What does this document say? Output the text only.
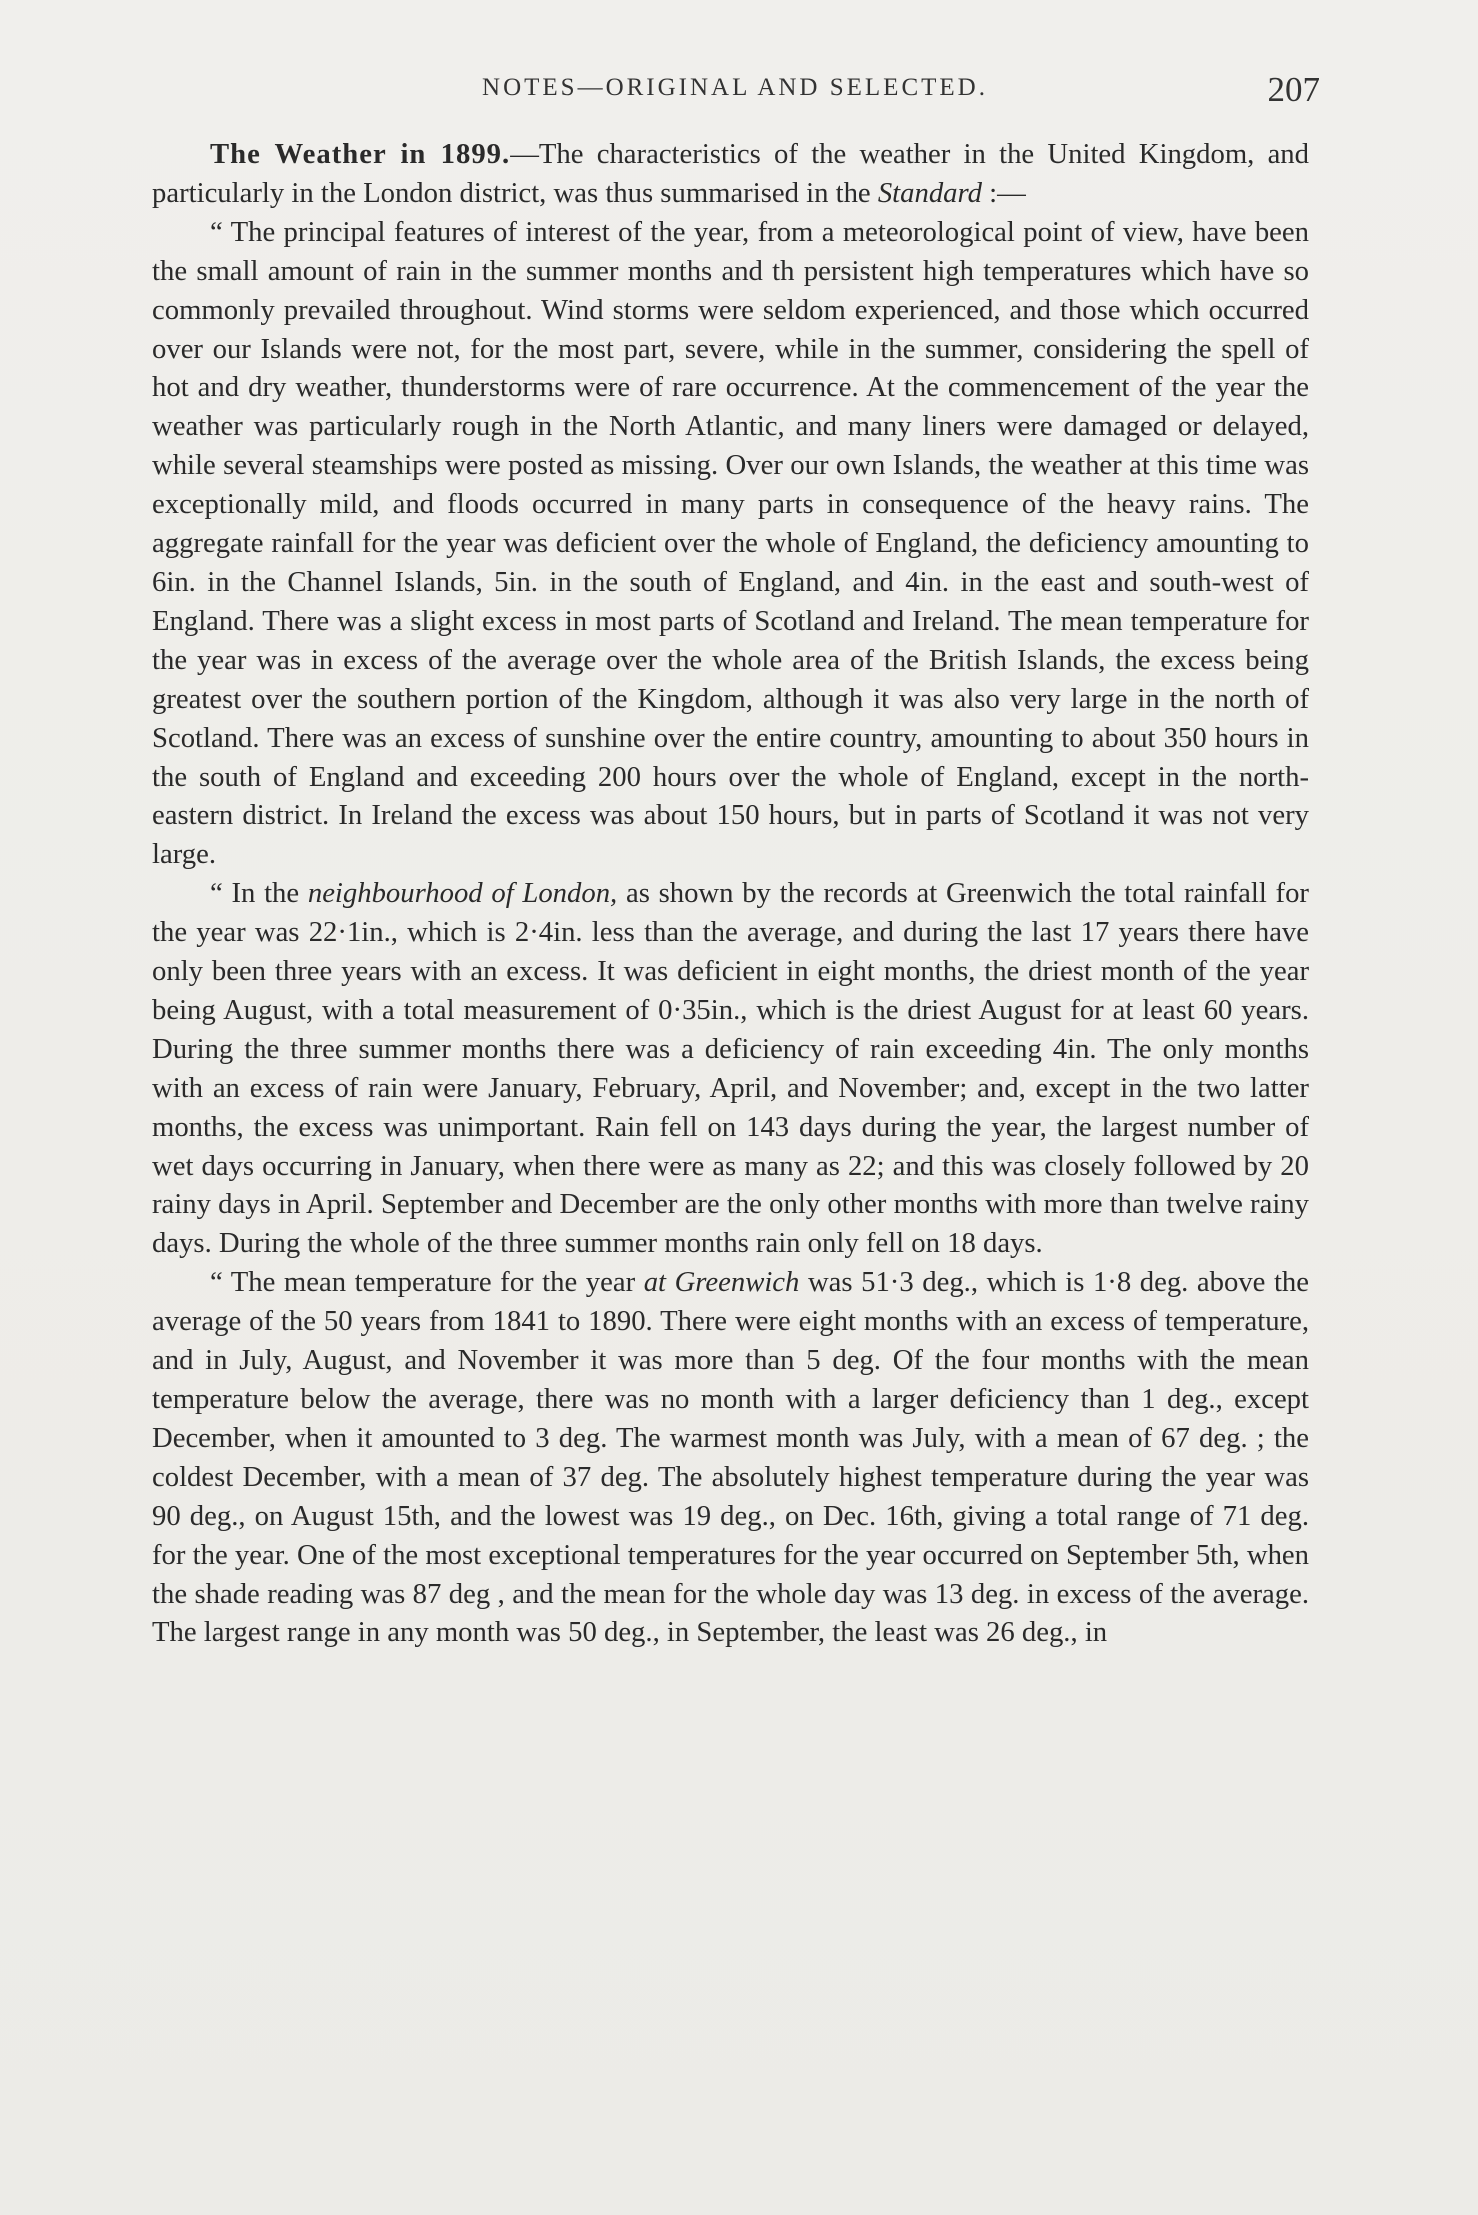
NOTES—ORIGINAL AND SELECTED.	207

The Weather in 1899.—The characteristics of the weather in the United Kingdom, and particularly in the London district, was thus summarised in the Standard :—

“ The principal features of interest of the year, from a meteorological point of view, have been the small amount of rain in the summer months and th persistent high temperatures which have so commonly prevailed throughout. Wind storms were seldom experienced, and those which occurred over our Islands were not, for the most part, severe, while in the summer, considering the spell of hot and dry weather, thunderstorms were of rare occurrence. At the commencement of the year the weather was particularly rough in the North Atlantic, and many liners were damaged or delayed, while several steamships were posted as missing. Over our own Islands, the weather at this time was exceptionally mild, and floods occurred in many parts in consequence of the heavy rains. The aggregate rainfall for the year was deficient over the whole of England, the deficiency amounting to 6in. in the Channel Islands, 5in. in the south of England, and 4in. in the east and south-west of England. There was a slight excess in most parts of Scotland and Ireland. The mean temperature for the year was in excess of the average over the whole area of the British Islands, the excess being greatest over the southern portion of the Kingdom, although it was also very large in the north of Scotland. There was an excess of sunshine over the entire country, amounting to about 350 hours in the south of England and exceeding 200 hours over the whole of England, except in the north-eastern district. In Ireland the excess was about 150 hours, but in parts of Scotland it was not very large.

“ In the neighbourhood of London, as shown by the records at Greenwich the total rainfall for the year was 22·1in., which is 2·4in. less than the average, and during the last 17 years there have only been three years with an excess. It was deficient in eight months, the driest month of the year being August, with a total measurement of 0·35in., which is the driest August for at least 60 years. During the three summer months there was a deficiency of rain exceeding 4in. The only months with an excess of rain were January, February, April, and November; and, except in the two latter months, the excess was unimportant. Rain fell on 143 days during the year, the largest number of wet days occurring in January, when there were as many as 22; and this was closely followed by 20 rainy days in April. September and December are the only other months with more than twelve rainy days. During the whole of the three summer months rain only fell on 18 days.

“ The mean temperature for the year at Greenwich was 51·3 deg., which is 1·8 deg. above the average of the 50 years from 1841 to 1890. There were eight months with an excess of temperature, and in July, August, and November it was more than 5 deg. Of the four months with the mean temperature below the average, there was no month with a larger deficiency than 1 deg., except December, when it amounted to 3 deg. The warmest month was July, with a mean of 67 deg. ; the coldest December, with a mean of 37 deg. The absolutely highest temperature during the year was 90 deg., on August 15th, and the lowest was 19 deg., on Dec. 16th, giving a total range of 71 deg. for the year. One of the most exceptional temperatures for the year occurred on September 5th, when the shade reading was 87 deg , and the mean for the whole day was 13 deg. in excess of the average. The largest range in any month was 50 deg., in September, the least was 26 deg., in
